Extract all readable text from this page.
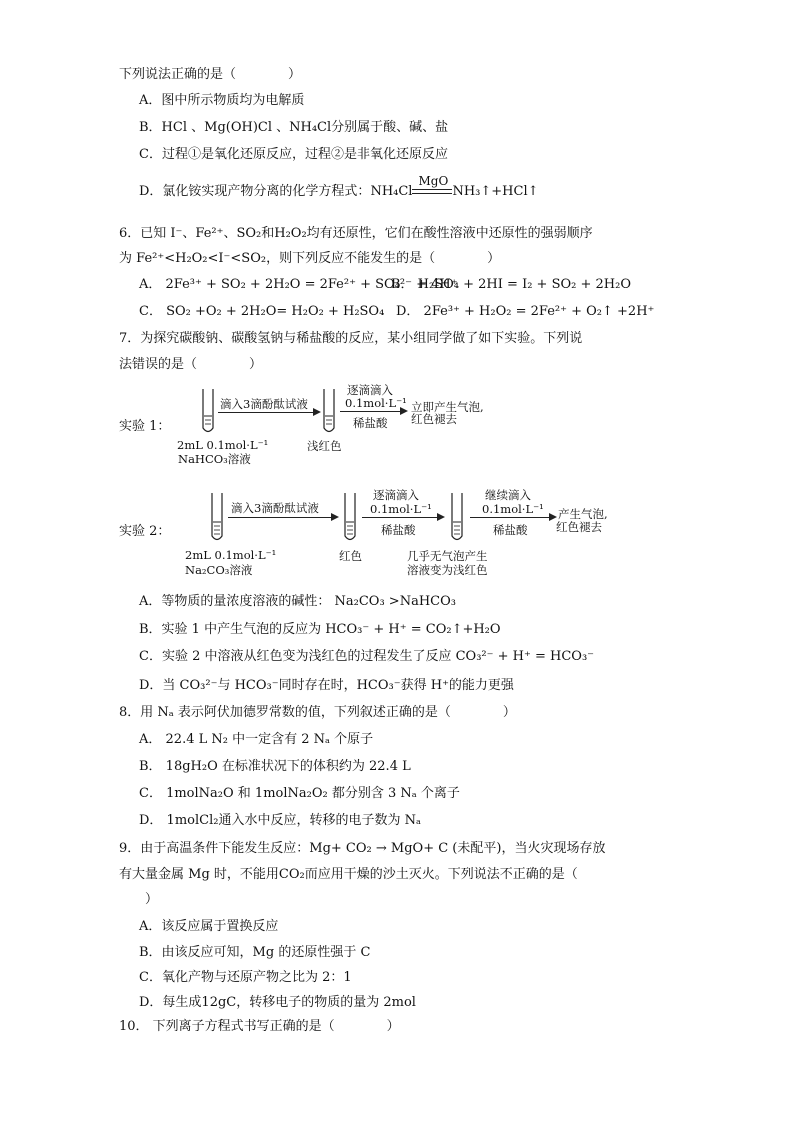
下列说法正确的是（　　　　）
A．图中所示物质均为电解质
B．HCl 、Mg(OH)Cl 、NH₄Cl分别属于酸、碱、盐
C．过程①是氧化还原反应，过程②是非氧化还原反应
D．氯化铵实现产物分离的化学方程式：NH₄Cl
MgO
NH₃↑+HCl↑
6．已知 I⁻、Fe²⁺、SO₂和H₂O₂均有还原性，它们在酸性溶液中还原性的强弱顺序
为 Fe²⁺<H₂O₂<I⁻<SO₂，则下列反应不能发生的是（　　　　）
A． 2Fe³⁺ + SO₂ + 2H₂O = 2Fe²⁺ + SO₄²⁻ + 4H⁺
B． H₂SO₄ + 2HI = I₂ + SO₂ + 2H₂O
C． SO₂ +O₂ + 2H₂O= H₂O₂ + H₂SO₄ D． 2Fe³⁺ + H₂O₂ = 2Fe²⁺ + O₂↑ +2H⁺
7．为探究碳酸钠、碳酸氢钠与稀盐酸的反应，某小组同学做了如下实验。下列说
法错误的是（　　　　）
实验 1：
滴入3滴酚酞试液
2mL 0.1mol·L⁻¹
NaHCO₃溶液
浅红色
逐滴滴入
0.1mol·L⁻¹
稀盐酸
立即产生气泡,
红色褪去
实验 2：
滴入3滴酚酞试液
2mL 0.1mol·L⁻¹
Na₂CO₃溶液
红色
逐滴滴入
0.1mol·L⁻¹
稀盐酸
几乎无气泡产生
溶液变为浅红色
继续滴入
0.1mol·L⁻¹
稀盐酸
产生气泡,
红色褪去
A．等物质的量浓度溶液的碱性： Na₂CO₃ >NaHCO₃
B．实验 1 中产生气泡的反应为 HCO₃⁻ + H⁺ = CO₂↑+H₂O
C．实验 2 中溶液从红色变为浅红色的过程发生了反应 CO₃²⁻ + H⁺ = HCO₃⁻
D．当 CO₃²⁻与 HCO₃⁻同时存在时，HCO₃⁻获得 H⁺的能力更强
8．用 Nₐ 表示阿伏加德罗常数的值，下列叙述正确的是（　　　　）
A． 22.4 L N₂ 中一定含有 2 Nₐ 个原子
B． 18gH₂O 在标准状况下的体积约为 22.4 L
C． 1molNa₂O 和 1molNa₂O₂ 都分别含 3 Nₐ 个离子
D． 1molCl₂通入水中反应，转移的电子数为 Nₐ
9．由于高温条件下能发生反应：Mg+ CO₂ → MgO+ C (未配平)，当火灾现场存放
有大量金属 Mg 时，不能用CO₂而应用干燥的沙土灭火。下列说法不正确的是（
　　）
A．该反应属于置换反应
B．由该反应可知，Mg 的还原性强于 C
C．氧化产物与还原产物之比为 2：1
D．每生成12gC，转移电子的物质的量为 2mol
10． 下列离子方程式书写正确的是（　　　　）
